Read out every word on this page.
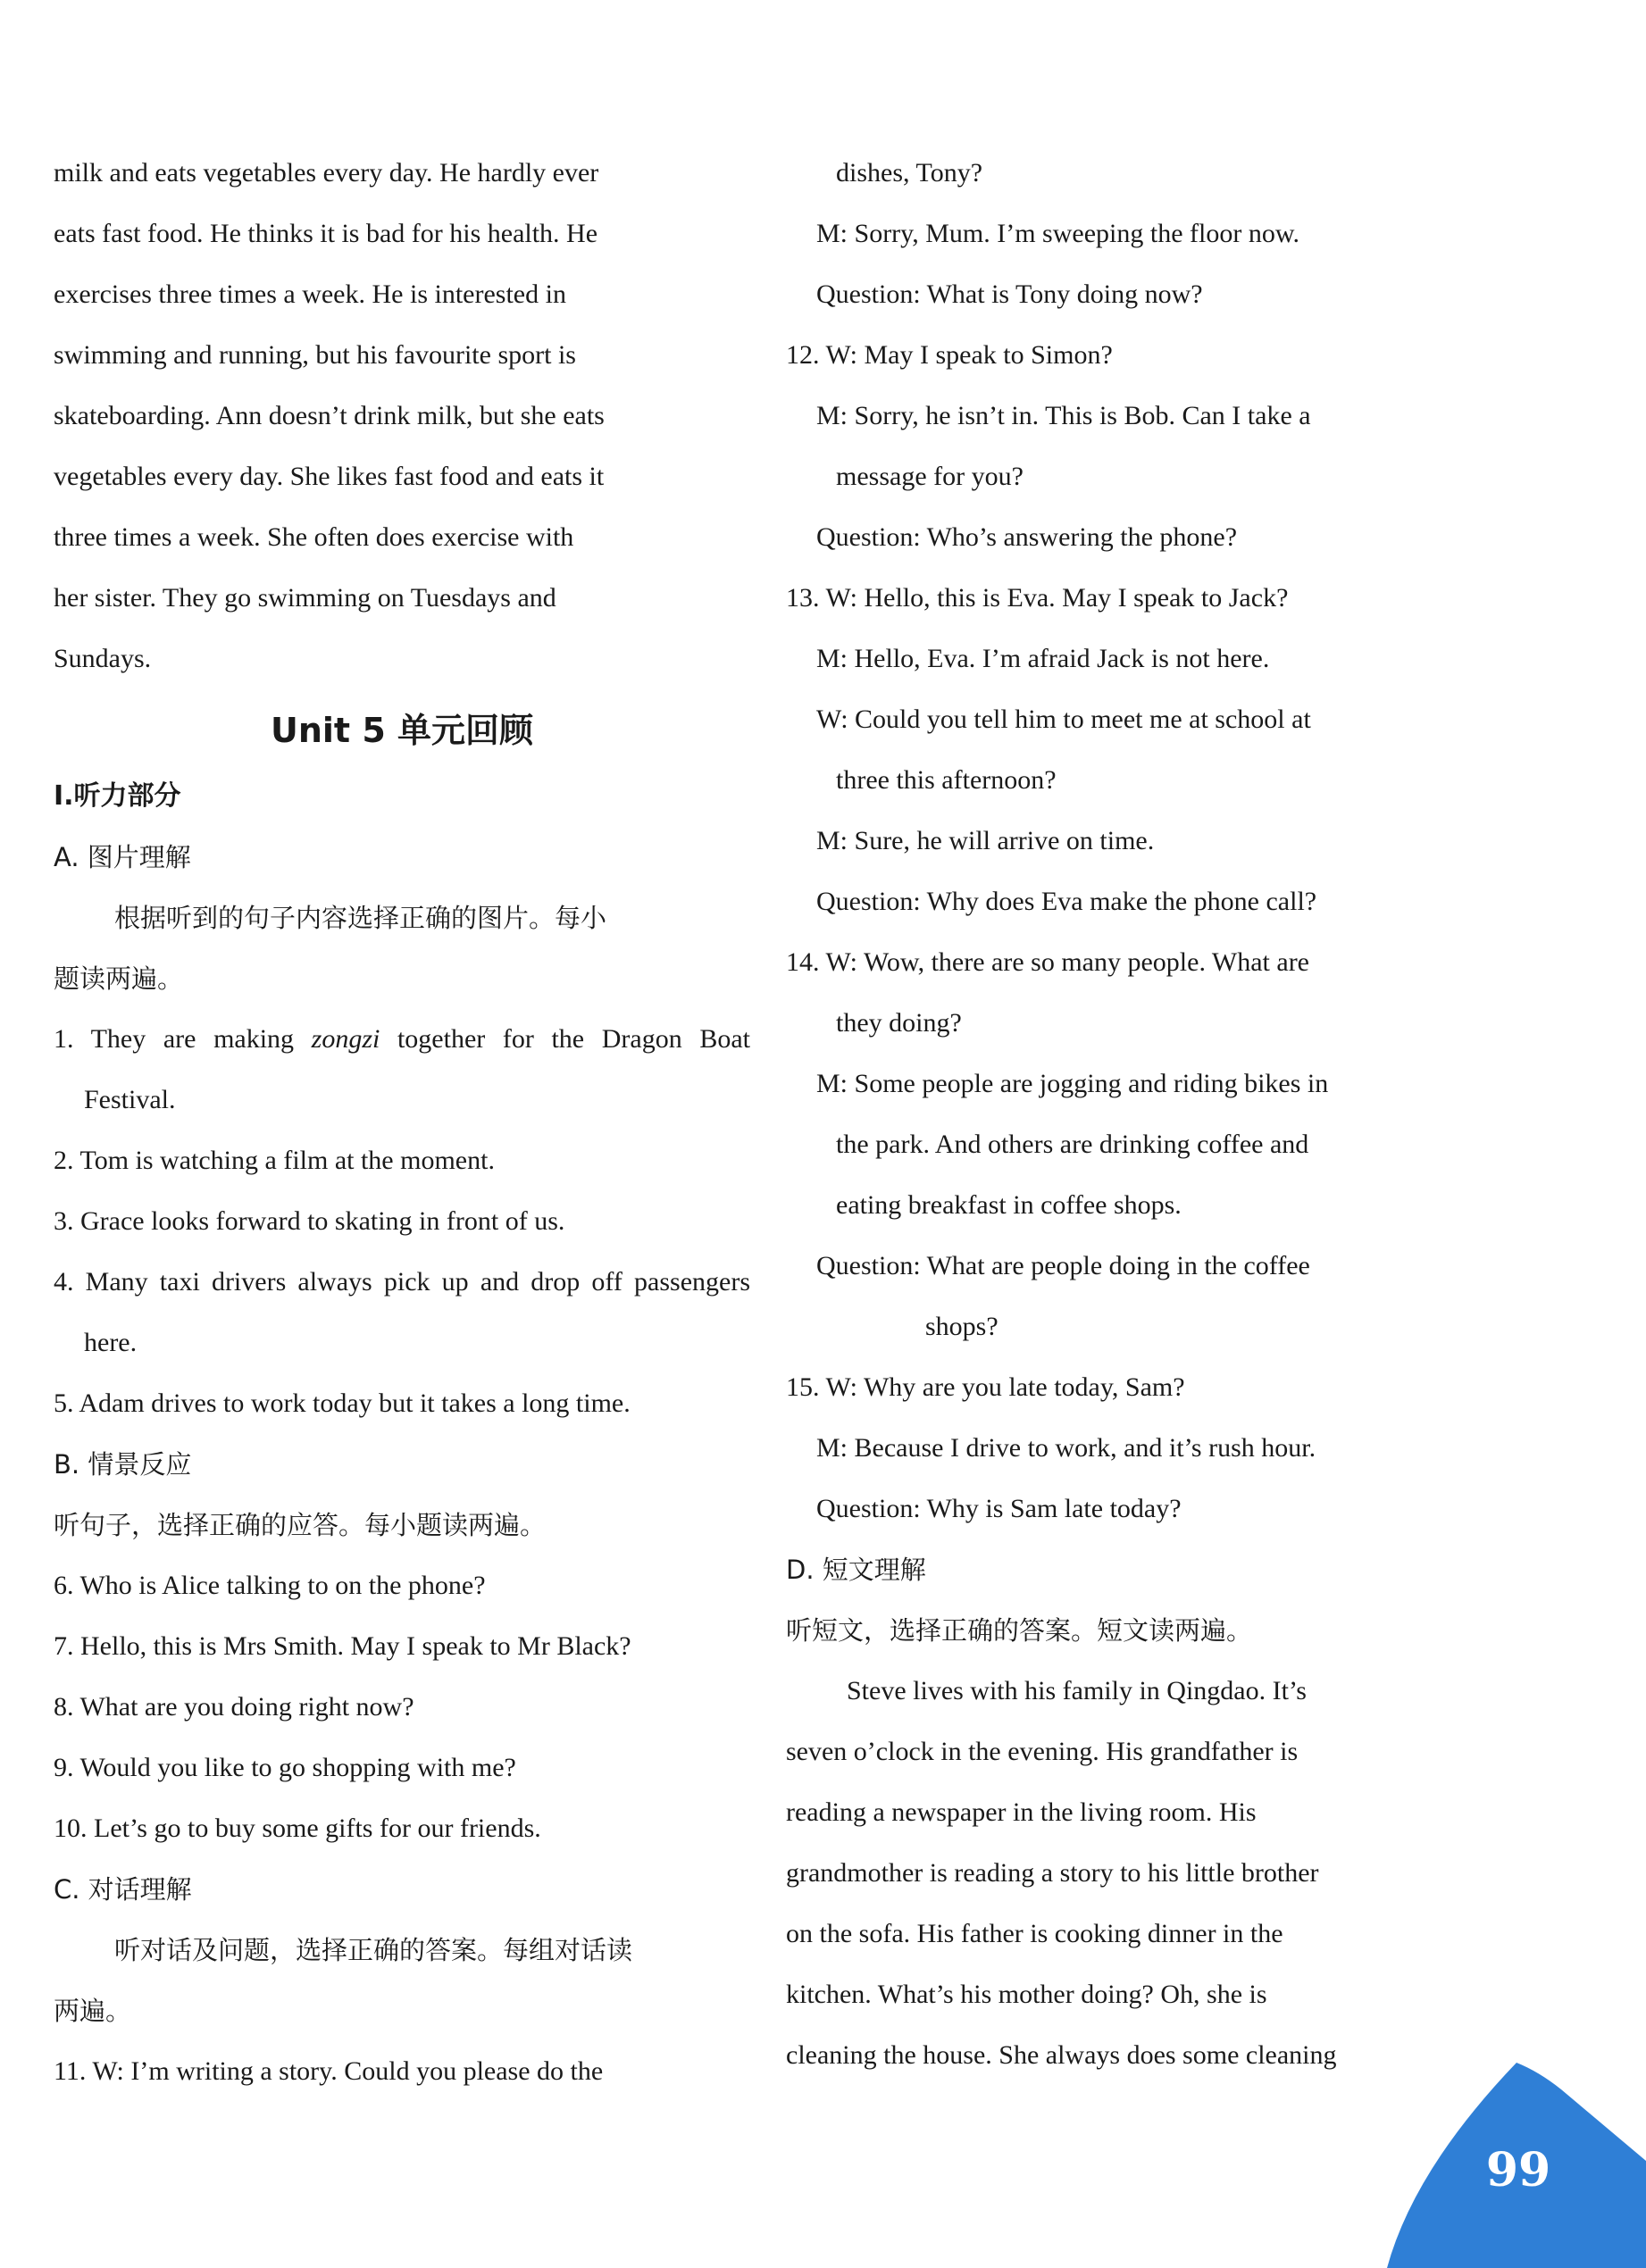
milk and eats vegetables every day. He hardly ever

eats fast food. He thinks it is bad for his health. He

exercises three times a week. He is interested in

swimming and running, but his favourite sport is

skateboarding. Ann doesn’t drink milk, but she eats

vegetables every day. She likes fast food and eats it

three times a week. She often does exercise with

her sister. They go swimming on Tuesdays and

Sundays.

Unit 5 单元回顾

Ⅰ.听力部分

A. 图片理解

根据听到的句子内容选择正确的图片。每小

题读两遍。

1. They are making zongzi together for the Dragon Boat Festival.

2. Tom is watching a film at the moment.

3. Grace looks forward to skating in front of us.

4. Many taxi drivers always pick up and drop off passengers here.

5. Adam drives to work today but it takes a long time.

B. 情景反应

听句子，选择正确的应答。每小题读两遍。

6. Who is Alice talking to on the phone?

7. Hello, this is Mrs Smith. May I speak to Mr Black?

8. What are you doing right now?

9. Would you like to go shopping with me?

10. Let’s go to buy some gifts for our friends.

C. 对话理解

听对话及问题，选择正确的答案。每组对话读

两遍。

11. W: I’m writing a story. Could you please do the

dishes, Tony?

M: Sorry, Mum. I’m sweeping the floor now.

Question: What is Tony doing now?

12. W: May I speak to Simon?

M: Sorry, he isn’t in. This is Bob. Can I take a

message for you?

Question: Who’s answering the phone?

13. W: Hello, this is Eva. May I speak to Jack?

M: Hello, Eva. I’m afraid Jack is not here.

W: Could you tell him to meet me at school at

three this afternoon?

M: Sure, he will arrive on time.

Question: Why does Eva make the phone call?

14. W: Wow, there are so many people. What are

they doing?

M: Some people are jogging and riding bikes in

the park. And others are drinking coffee and

eating breakfast in coffee shops.

Question: What are people doing in the coffee

shops?

15. W: Why are you late today, Sam?

M: Because I drive to work, and it’s rush hour.

Question: Why is Sam late today?

D. 短文理解

听短文，选择正确的答案。短文读两遍。

Steve lives with his family in Qingdao. It’s

seven o’clock in the evening. His grandfather is

reading a newspaper in the living room. His

grandmother is reading a story to his little brother

on the sofa. His father is cooking dinner in the

kitchen. What’s his mother doing? Oh, she is

cleaning the house. She always does some cleaning

99
